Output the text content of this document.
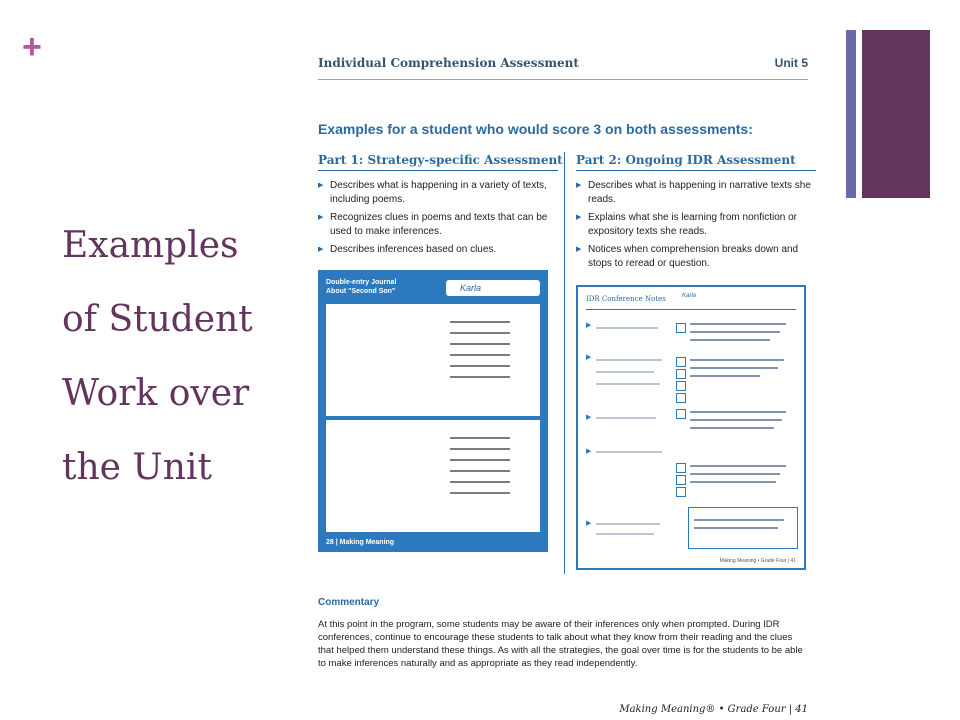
+
Examples
of Student
Work over
the Unit
Individual Comprehension Assessment	Unit 5
Examples for a student who would score 3 on both assessments:
Part 1: Strategy-specific Assessment
▶ Describes what is happening in a variety of texts, including poems.
▶ Recognizes clues in poems and texts that can be used to make inferences.
▶ Describes inferences based on clues.
Part 2: Ongoing IDR Assessment
▶ Describes what is happening in narrative texts she reads.
▶ Explains what she is learning from nonfiction or expository texts she reads.
▶ Notices when comprehension breaks down and stops to reread or question.
Double-entry Journal About "Second Son"	Karla
28 | Making Meaning
IDR Conference Notes	Karla
▶
▶
▶
▶
▶
Making Meaning • Grade Four | 41
Commentary

At this point in the program, some students may be aware of their inferences only when prompted. During IDR conferences, continue to encourage these students to talk about what they know from their reading and the clues that helped them understand these things. As with all the strategies, the goal over time is for the students to be able to make inferences naturally and as appropriate as they read independently.

Making Meaning® • Grade Four | 41
